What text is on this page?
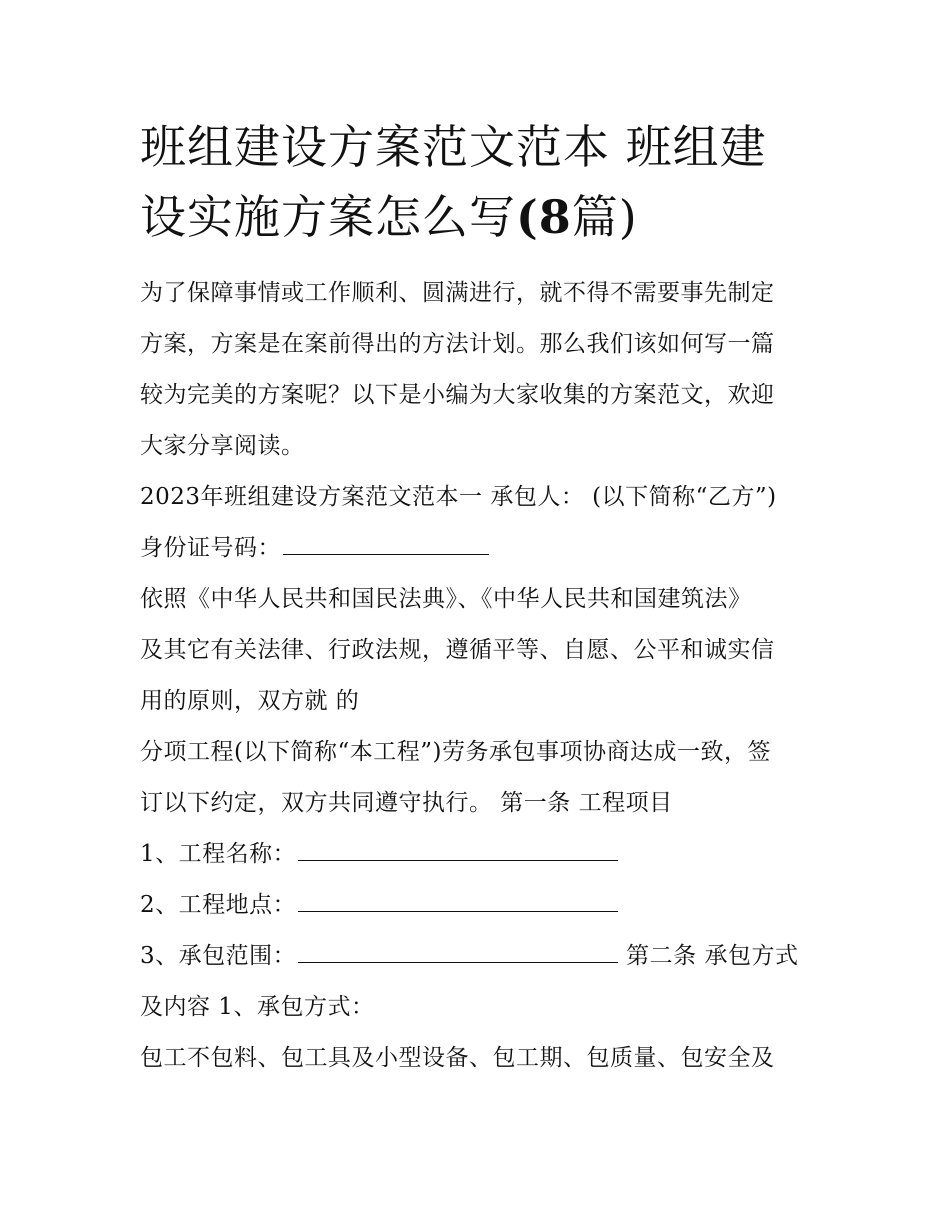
班组建设方案范文范本 班组建
设实施方案怎么写(8篇)
为了保障事情或工作顺利、圆满进行，就不得不需要事先制定
方案，方案是在案前得出的方法计划。那么我们该如何写一篇
较为完美的方案呢？以下是小编为大家收集的方案范文，欢迎
大家分享阅读。
2023年班组建设方案范文范本一 承包人： (以下简称“乙方”)
身份证号码：
依照《中华人民共和国民法典》、《中华人民共和国建筑法》
及其它有关法律、行政法规，遵循平等、自愿、公平和诚实信
用的原则，双方就 的
分项工程(以下简称“本工程”)劳务承包事项协商达成一致，签
订以下约定，双方共同遵守执行。 第一条 工程项目
1、工程名称：
2、工程地点：
3、承包范围：	第二条 承包方式
及内容 1、承包方式：
包工不包料、包工具及小型设备、包工期、包质量、包安全及
